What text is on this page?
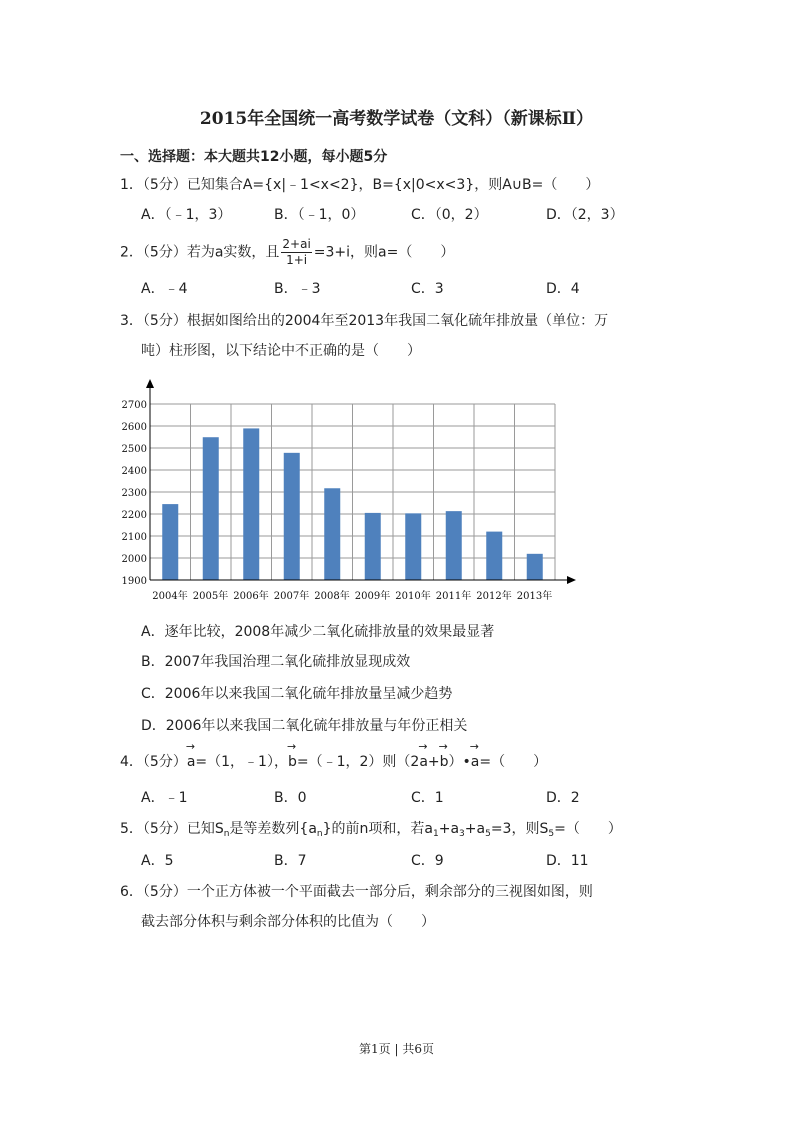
2015年全国统一高考数学试卷（文科）（新课标Ⅱ）
一、选择题：本大题共12小题，每小题5分
1．（5分）已知集合A={x|﹣1<x<2}，B={x|0<x<3}，则A∪B=（　　）
A．（﹣1，3）	B．（﹣1，0）	C．（0，2）	D．（2，3）
2．（5分）若为a实数，且 $\frac{2+ai}{1+i} =3+i$，则a=（　　）
A．﹣4	B．﹣3	C．3	D．4
3．（5分）根据如图给出的2004年至2013年我国二氧化硫年排放量（单位：万
吨）柱形图，以下结论中不正确的是（　　）
2700
2600
2500
2400
2300
2200
2100
2000
1900
2004年 2005年 2006年 2007年 2008年 2009年 2010年 2011年 2012年 2013年
A．逐年比较，2008年减少二氧化硫排放量的效果最显著
B．2007年我国治理二氧化硫排放显现成效
C．2006年以来我国二氧化硫年排放量呈减少趋势
D．2006年以来我国二氧化硫年排放量与年份正相关
4．（5分）→ a=（1，﹣1），→ b=（﹣1，2）则（2→ a+→ b）•→ a=（　　）
A．﹣1	B．0	C．1	D．2
5．（5分）已知$S_n$是等差数列$\{a_n\}$的前n项和，若$a_1+a_3+a_5=3$，则$S_5=$（　　）
A．5	B．7	C．9	D．11
6．（5分）一个正方体被一个平面截去一部分后，剩余部分的三视图如图，则
截去部分体积与剩余部分体积的比值为（　　）
第1页 | 共6页
